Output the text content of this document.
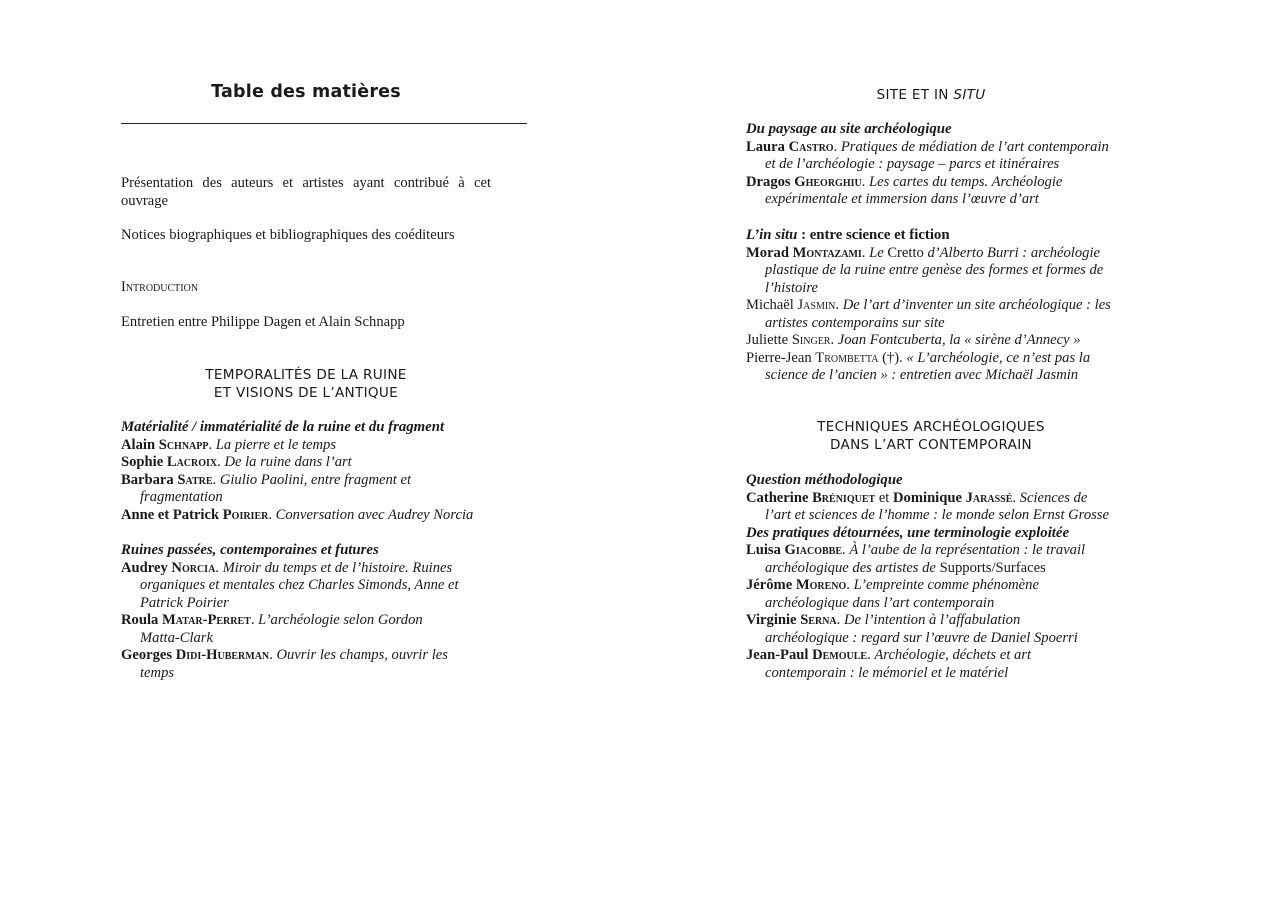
Table des matières
Présentation des auteurs et artistes ayant contribué à cet ouvrage
Notices biographiques et bibliographiques des coéditeurs
Introduction
Entretien entre Philippe Dagen et Alain Schnapp
TEMPORALITÉS DE LA RUINE
ET VISIONS DE L’ANTIQUE
Matérialité / immatérialité de la ruine et du fragment
Alain Schnapp. La pierre et le temps
Sophie Lacroix. De la ruine dans l’art
Barbara Satre. Giulio Paolini, entre fragment et fragmentation
Anne et Patrick Poirier. Conversation avec Audrey Norcia
Ruines passées, contemporaines et futures
Audrey Norcia. Miroir du temps et de l’histoire. Ruines organiques et mentales chez Charles Simonds, Anne et Patrick Poirier
Roula Matar-Perret. L’archéologie selon Gordon Matta-Clark
Georges Didi-Huberman. Ouvrir les champs, ouvrir les temps
SITE ET IN SITU
Du paysage au site archéologique
Laura Castro. Pratiques de médiation de l’art contemporain et de l’archéologie : paysage – parcs et itinéraires
Dragos Gheorghiu. Les cartes du temps. Archéologie expérimentale et immersion dans l’œuvre d’art
L’in situ : entre science et fiction
Morad Montazami. Le Cretto d’Alberto Burri : archéologie plastique de la ruine entre genèse des formes et formes de l’histoire
Michaël Jasmin. De l’art d’inventer un site archéologique : les artistes contemporains sur site
Juliette Singer. Joan Fontcuberta, la « sirène d’Annecy »
Pierre-Jean Trombetta (†). « L’archéologie, ce n’est pas la science de l’ancien » : entretien avec Michaël Jasmin
TECHNIQUES ARCHÉOLOGIQUES
DANS L’ART CONTEMPORAIN
Question méthodologique
Catherine Bréniquet et Dominique Jarassé. Sciences de l’art et sciences de l’homme : le monde selon Ernst Grosse
Des pratiques détournées, une terminologie exploitée
Luisa Giacobbe. À l’aube de la représentation : le travail archéologique des artistes de Supports/Surfaces
Jérôme Moreno. L’empreinte comme phénomène archéologique dans l’art contemporain
Virginie Serna. De l’intention à l’affabulation archéologique : regard sur l’œuvre de Daniel Spoerri
Jean-Paul Demoule. Archéologie, déchets et art contemporain : le mémoriel et le matériel
